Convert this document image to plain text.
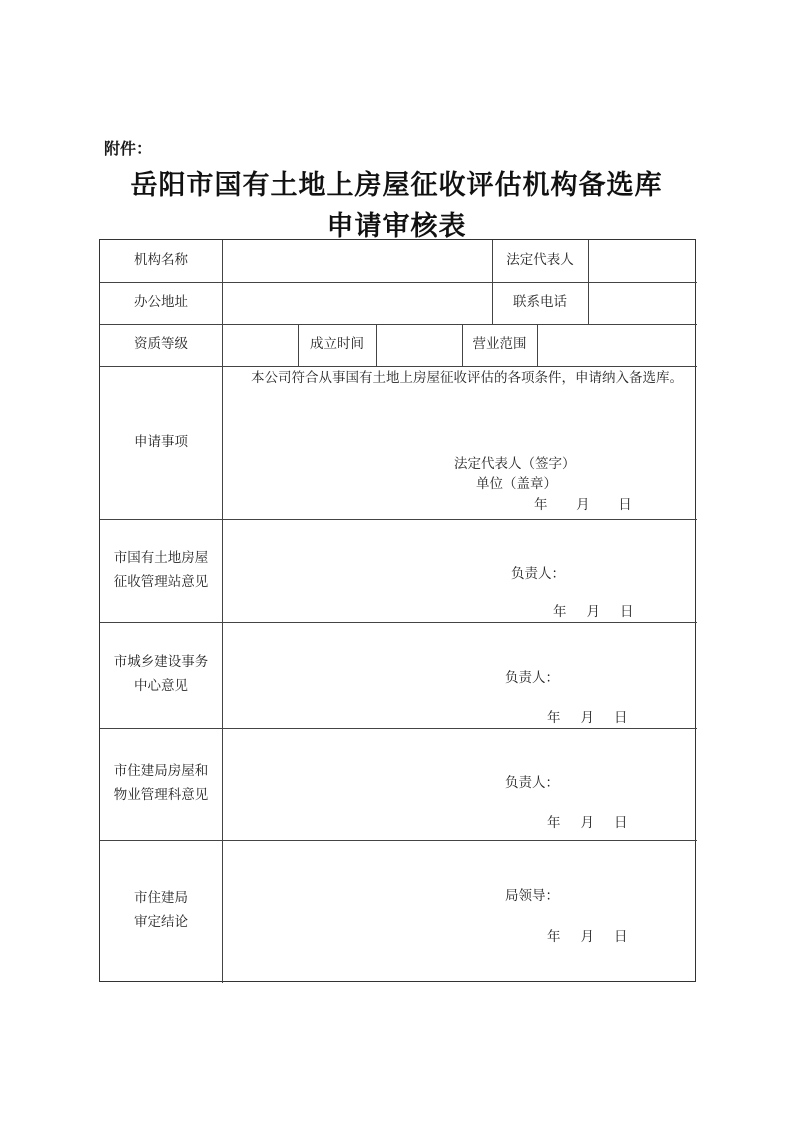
附件：
岳阳市国有土地上房屋征收评估机构备选库
申请审核表
机构名称	法定代表人
办公地址	联系电话
资质等级	成立时间	营业范围
申请事项
本公司符合从事国有土地上房屋征收评估的各项条件，申请纳入备选库。
法定代表人（签字）
单位（盖章）
年 月 日
市国有土地房屋
征收管理站意见	负责人：
年 月 日
市城乡建设事务
中心意见	负责人：
年 月 日
市住建局房屋和
物业管理科意见
负责人：
年 月 日
市住建局
审定结论
局领导：
年 月 日
